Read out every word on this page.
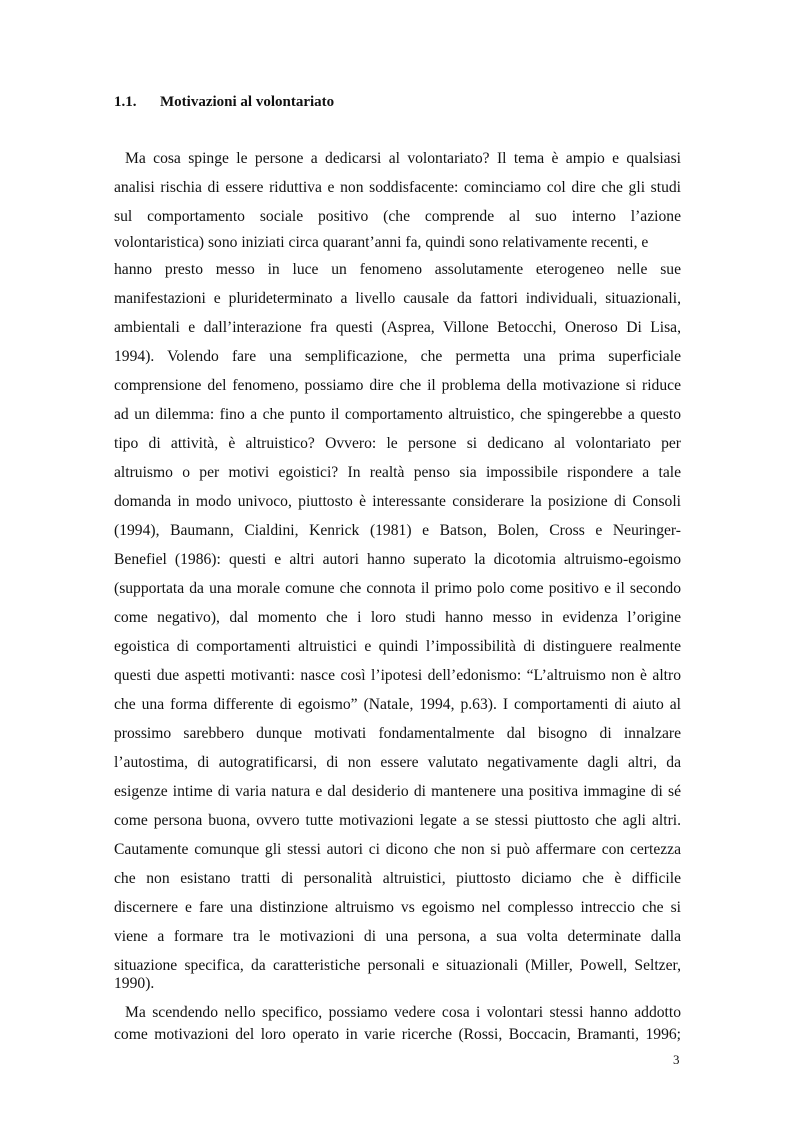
1.1. Motivazioni al volontariato
Ma cosa spinge le persone a dedicarsi al volontariato? Il tema è ampio e qualsiasi
analisi rischia di essere riduttiva e non soddisfacente: cominciamo col dire che gli studi
sul comportamento sociale positivo (che comprende al suo interno l’azione
volontaristica) sono iniziati circa quarant’anni fa, quindi sono relativamente recenti, e
hanno presto messo in luce un fenomeno assolutamente eterogeneo nelle sue
manifestazioni e plurideterminato a livello causale da fattori individuali, situazionali,
ambientali e dall’interazione fra questi (Asprea, Villone Betocchi, Oneroso Di Lisa,
1994). Volendo fare una semplificazione, che permetta una prima superficiale
comprensione del fenomeno, possiamo dire che il problema della motivazione si riduce
ad un dilemma: fino a che punto il comportamento altruistico, che spingerebbe a questo
tipo di attività, è altruistico? Ovvero: le persone si dedicano al volontariato per
altruismo o per motivi egoistici? In realtà penso sia impossibile rispondere a tale
domanda in modo univoco, piuttosto è interessante considerare la posizione di Consoli
(1994), Baumann, Cialdini, Kenrick (1981) e Batson, Bolen, Cross e Neuringer-
Benefiel (1986): questi e altri autori hanno superato la dicotomia altruismo-egoismo
(supportata da una morale comune che connota il primo polo come positivo e il secondo
come negativo), dal momento che i loro studi hanno messo in evidenza l’origine
egoistica di comportamenti altruistici e quindi l’impossibilità di distinguere realmente
questi due aspetti motivanti: nasce così l’ipotesi dell’edonismo: “L’altruismo non è altro
che una forma differente di egoismo” (Natale, 1994, p.63). I comportamenti di aiuto al
prossimo sarebbero dunque motivati fondamentalmente dal bisogno di innalzare
l’autostima, di autogratificarsi, di non essere valutato negativamente dagli altri, da
esigenze intime di varia natura e dal desiderio di mantenere una positiva immagine di sé
come persona buona, ovvero tutte motivazioni legate a se stessi piuttosto che agli altri.
Cautamente comunque gli stessi autori ci dicono che non si può affermare con certezza
che non esistano tratti di personalità altruistici, piuttosto diciamo che è difficile
discernere e fare una distinzione altruismo vs egoismo nel complesso intreccio che si
viene a formare tra le motivazioni di una persona, a sua volta determinate dalla
situazione specifica, da caratteristiche personali e situazionali (Miller, Powell, Seltzer,
1990).
Ma scendendo nello specifico, possiamo vedere cosa i volontari stessi hanno addotto
come motivazioni del loro operato in varie ricerche (Rossi, Boccacin, Bramanti, 1996;
3
